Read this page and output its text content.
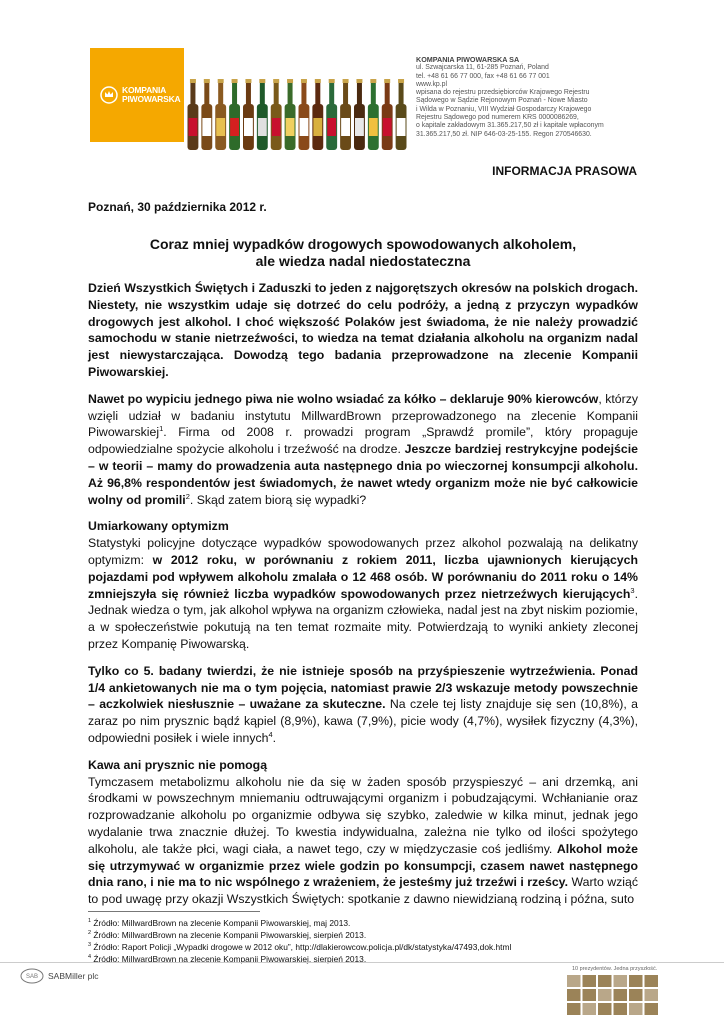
KOMPANIA
PIWOWARSKA
KOMPANIA PIWOWARSKA SA
ul. Szwajcarska 11, 61-285 Poznań, Poland
tel. +48 61 66 77 000, fax +48 61 66 77 001
www.kp.pl
wpisana do rejestru przedsiębiorców Krajowego Rejestru
Sądowego w Sądzie Rejonowym Poznań - Nowe Miasto
i Wilda w Poznaniu, VIII Wydział Gospodarczy Krajowego
Rejestru Sądowego pod numerem KRS 0000086269,
o kapitale zakładowym 31.365.217,50 zł i kapitale wpłaconym
31.365.217,50 zł. NIP 646-03-25-155. Regon 270546630.
INFORMACJA PRASOWA
Poznań, 30 października 2012 r.
Coraz mniej wypadków drogowych spowodowanych alkoholem,
ale wiedza nadal niedostateczna

Dzień Wszystkich Świętych i Zaduszki to jeden z najgorętszych okresów na polskich drogach. Niestety, nie wszystkim udaje się dotrzeć do celu podróży, a jedną z przyczyn wypadków drogowych jest alkohol. I choć większość Polaków jest świadoma, że nie należy prowadzić samochodu w stanie nietrzeźwości, to wiedza na temat działania alkoholu na organizm nadal jest niewystarczająca. Dowodzą tego badania przeprowadzone na zlecenie Kompanii Piwowarskiej.

Nawet po wypiciu jednego piwa nie wolno wsiadać za kółko – deklaruje 90% kierowców, którzy wzięli udział w badaniu instytutu MillwardBrown przeprowadzonego na zlecenie Kompanii Piwowarskiej$^1$. Firma od 2008 r. prowadzi program „Sprawdź promile”, który propaguje odpowiedzialne spożycie alkoholu i trzeźwość na drodze. Jeszcze bardziej restrykcyjne podejście – w teorii – mamy do prowadzenia auta następnego dnia po wieczornej konsumpcji alkoholu. Aż 96,8% respondentów jest świadomych, że nawet wtedy organizm może nie być całkowicie wolny od promili$^2$. Skąd zatem biorą się wypadki?

Umiarkowany optymizm

Statystyki policyjne dotyczące wypadków spowodowanych przez alkohol pozwalają na delikatny optymizm: w 2012 roku, w porównaniu z rokiem 2011, liczba ujawnionych kierujących pojazdami pod wpływem alkoholu zmalała o 12 468 osób. W porównaniu do 2011 roku o 14% zmniejszyła się również liczba wypadków spowodowanych przez nietrzeźwych kierujących$^3$. Jednak wiedza o tym, jak alkohol wpływa na organizm człowieka, nadal jest na zbyt niskim poziomie, a w społeczeństwie pokutują na ten temat rozmaite mity. Potwierdzają to wyniki ankiety zleconej przez Kompanię Piwowarską.

Tylko co 5. badany twierdzi, że nie istnieje sposób na przyśpieszenie wytrzeźwienia. Ponad 1/4 ankietowanych nie ma o tym pojęcia, natomiast prawie 2/3 wskazuje metody powszechnie – aczkolwiek niesłusznie – uważane za skuteczne. Na czele tej listy znajduje się sen (10,8%), a zaraz po nim prysznic bądź kąpiel (8,9%), kawa (7,9%), picie wody (4,7%), wysiłek fizyczny (4,3%), odpowiedni posiłek i wiele innych$^4$.

Kawa ani prysznic nie pomogą

Tymczasem metabolizmu alkoholu nie da się w żaden sposób przyspieszyć – ani drzemką, ani środkami w powszechnym mniemaniu odtruwającymi organizm i pobudzającymi. Wchłanianie oraz rozprowadzanie alkoholu po organizmie odbywa się szybko, zaledwie w kilka minut, jednak jego wydalanie trwa znacznie dłużej. To kwestia indywidualna, zależna nie tylko od ilości spożytego alkoholu, ale także płci, wagi ciała, a nawet tego, czy w międzyczasie coś jedliśmy. Alkohol może się utrzymywać w organizmie przez wiele godzin po konsumpcji, czasem nawet następnego dnia rano, i nie ma to nic wspólnego z wrażeniem, że jesteśmy już trzeźwi i rześcy. Warto wziąć to pod uwagę przy okazji Wszystkich Świętych: spotkanie z dawno niewidzianą rodziną i późna, suto

$^1$ Źródło: MillwardBrown na zlecenie Kompanii Piwowarskiej, maj 2013.
$^2$ Źródło: MillwardBrown na zlecenie Kompanii Piwowarskiej, sierpień 2013.
$^3$ Źródło: Raport Policji „Wypadki drogowe w 2012 oku”, http://dlakierowcow.policja.pl/dk/statystyka/47493,dok.html
$^4$ Źródło: MillwardBrown na zlecenie Kompanii Piwowarskiej, sierpień 2013.
SAB SABMiller plc
10 prezydentów. Jedna przyszłość.
